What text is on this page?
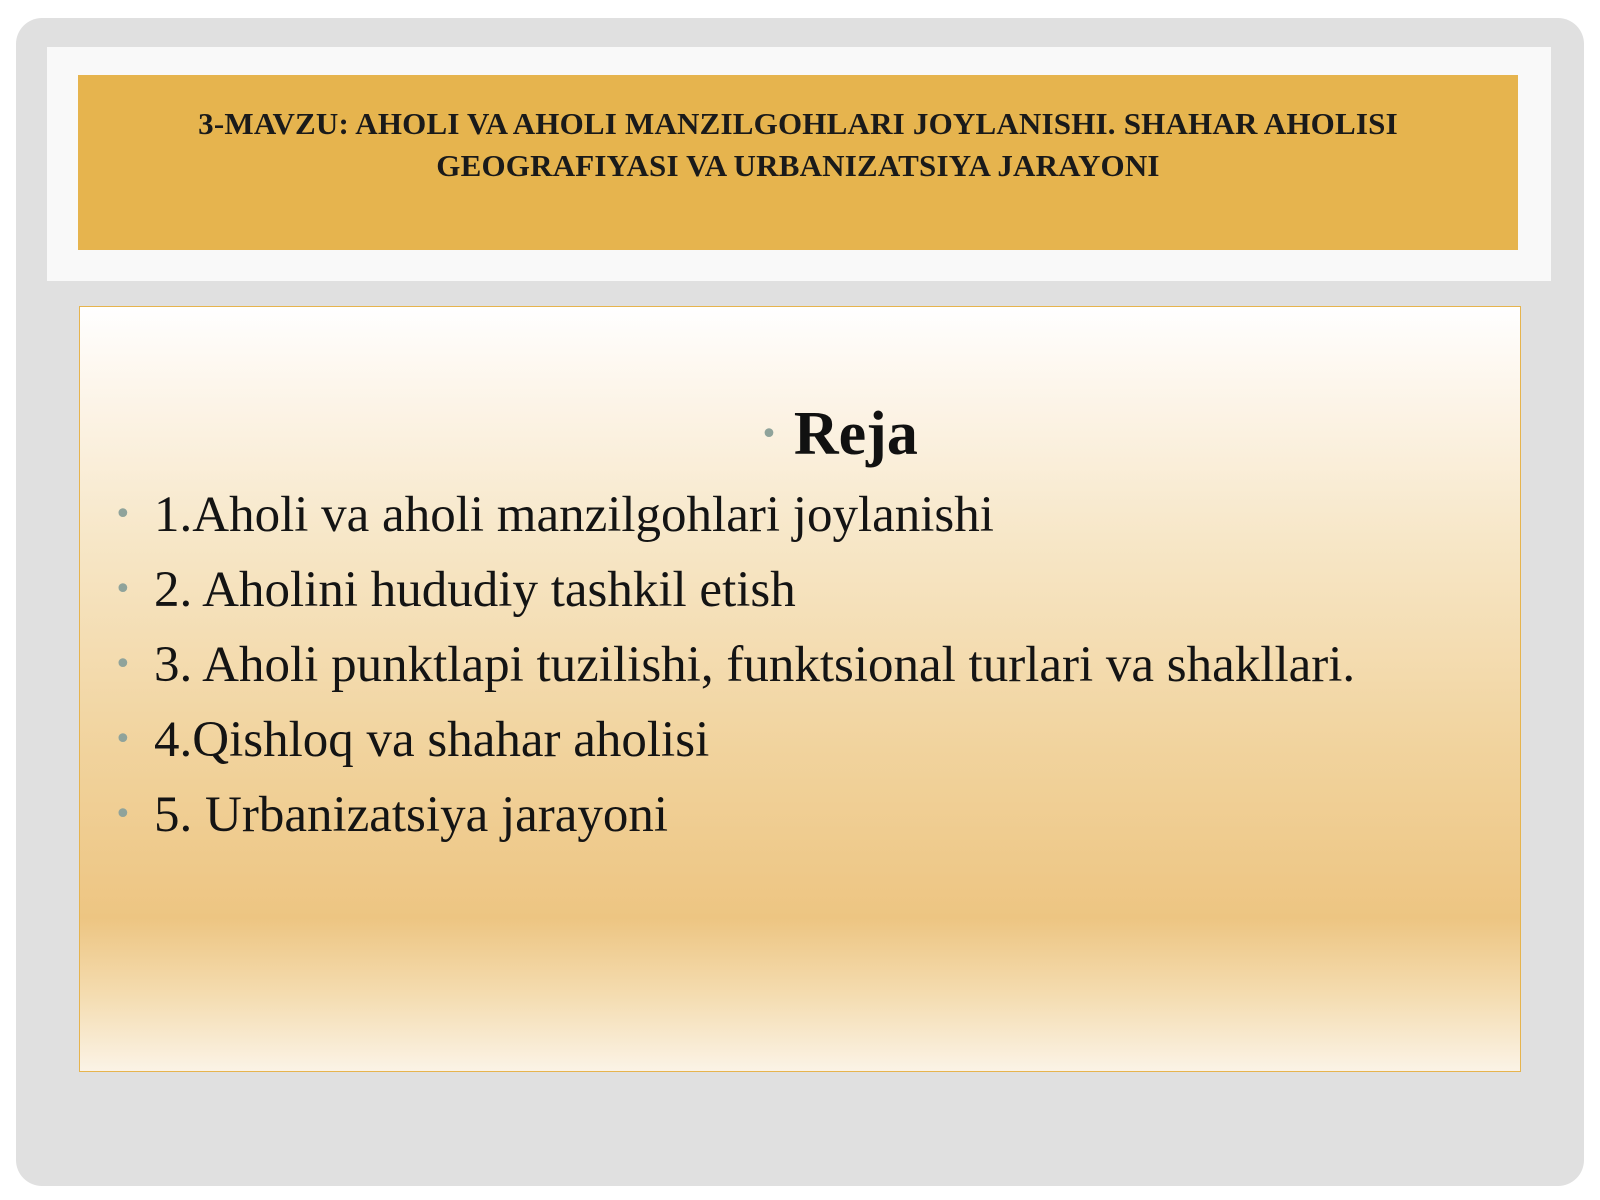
3-MAVZU: AHOLI VA AHOLI MANZILGOHLARI JOYLANISHI. SHAHAR AHOLISI GEOGRAFIYASI VA URBANIZATSIYA JARAYONI
• Reja
• 1.Aholi va aholi manzilgohlari joylanishi
• 2. Aholini hududiy tashkil etish
• 3. Aholi punktlapi tuzilishi, funktsional turlari va shakllari.
• 4.Qishloq va shahar aholisi
• 5. Urbanizatsiya jarayoni
